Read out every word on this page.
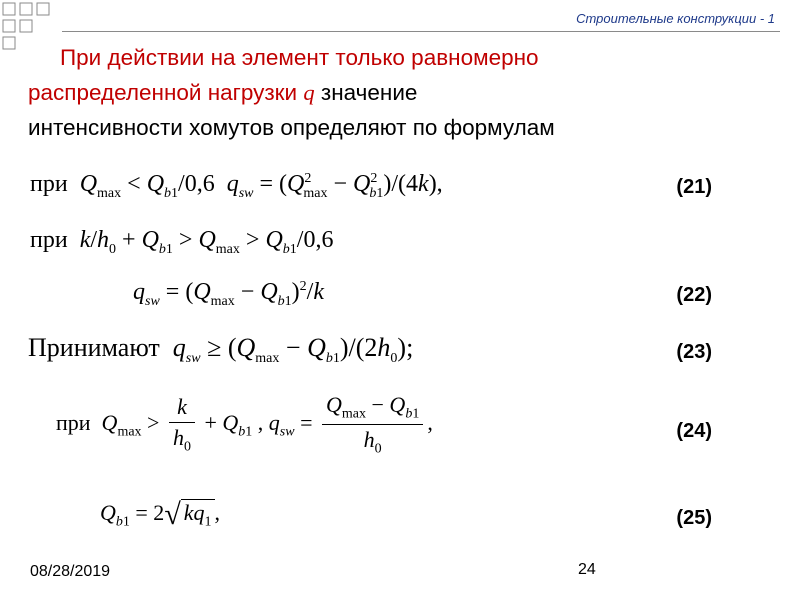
Строительные конструкции - 1

При действии на элемент только равномерно
распределенной нагрузки q значение
интенсивности хомутов определяют по формулам

при $Q_{max} < Q_{b1}/0,6$  $q_{sw} = (Q^2_{max} - Q^2_{b1})/(4k)$,	(21)
при $k/h_0 + Q_{b1} > Q_{max} > Q_{b1}/0,6$
$q_{sw} = (Q_{max} - Q_{b1})^2/k$	(22)
Принимают $q_{sw} \ge (Q_{max} - Q_{b1})/(2h_0)$;	(23)
при $Q_{max} > \frac{k}{h_0} + Q_{b1}$ , $q_{sw} = \frac{Q_{max} - Q_{b1}}{h_0}$ ,	(24)
$Q_{b1} = 2√$ $kq_1$ ,	(25)
08/28/2019	24
